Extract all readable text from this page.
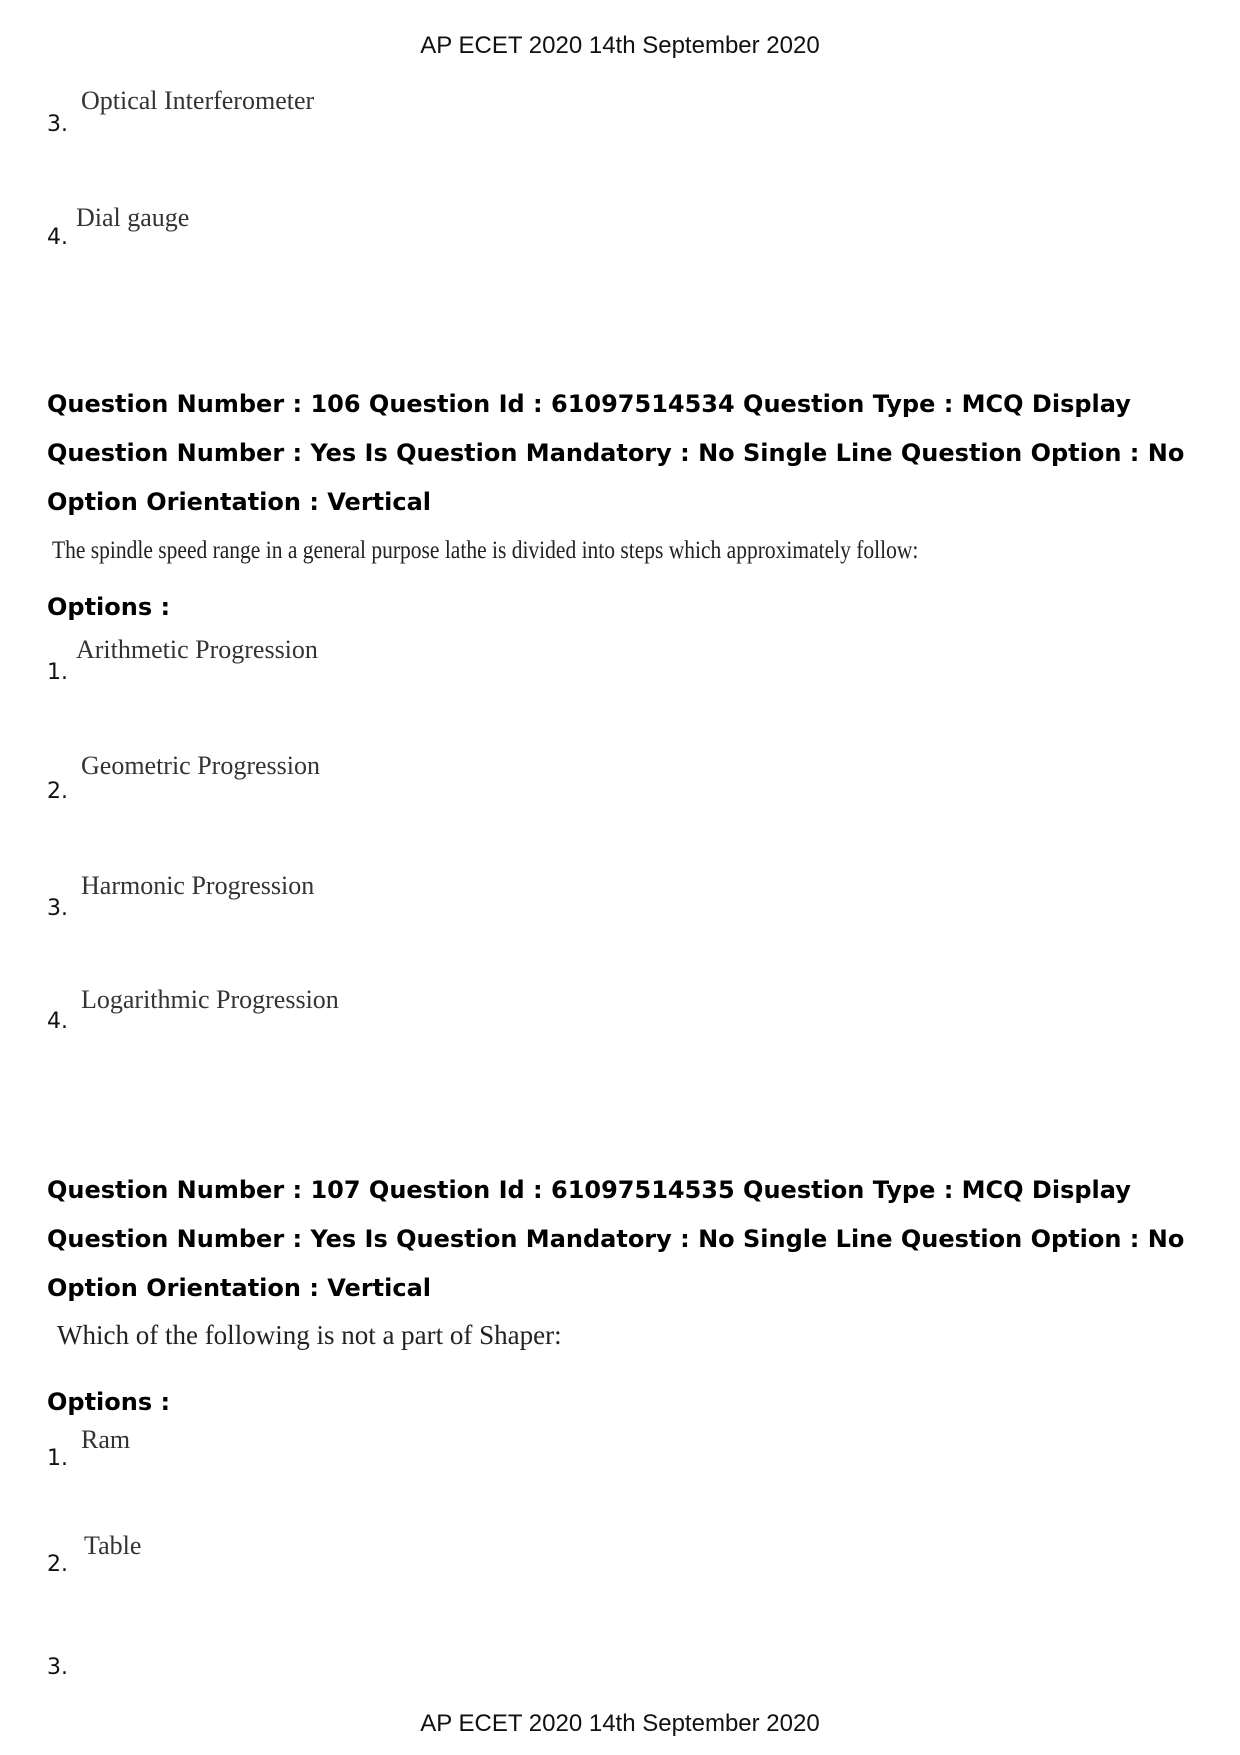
AP ECET 2020 14th September 2020
3.
Optical Interferometer
4.
Dial gauge
Question Number : 106 Question Id : 61097514534 Question Type : MCQ Display Question Number : Yes Is Question Mandatory : No Single Line Question Option : No Option Orientation : Vertical
The spindle speed range in a general purpose lathe is divided into steps which approximately follow:
Options :
1.
Arithmetic Progression
2.
Geometric Progression
3.
Harmonic Progression
4.
Logarithmic Progression
Question Number : 107 Question Id : 61097514535 Question Type : MCQ Display Question Number : Yes Is Question Mandatory : No Single Line Question Option : No Option Orientation : Vertical
Which of the following is not a part of Shaper:
Options :
1.
Ram
2.
Table
3.
AP ECET 2020 14th September 2020
